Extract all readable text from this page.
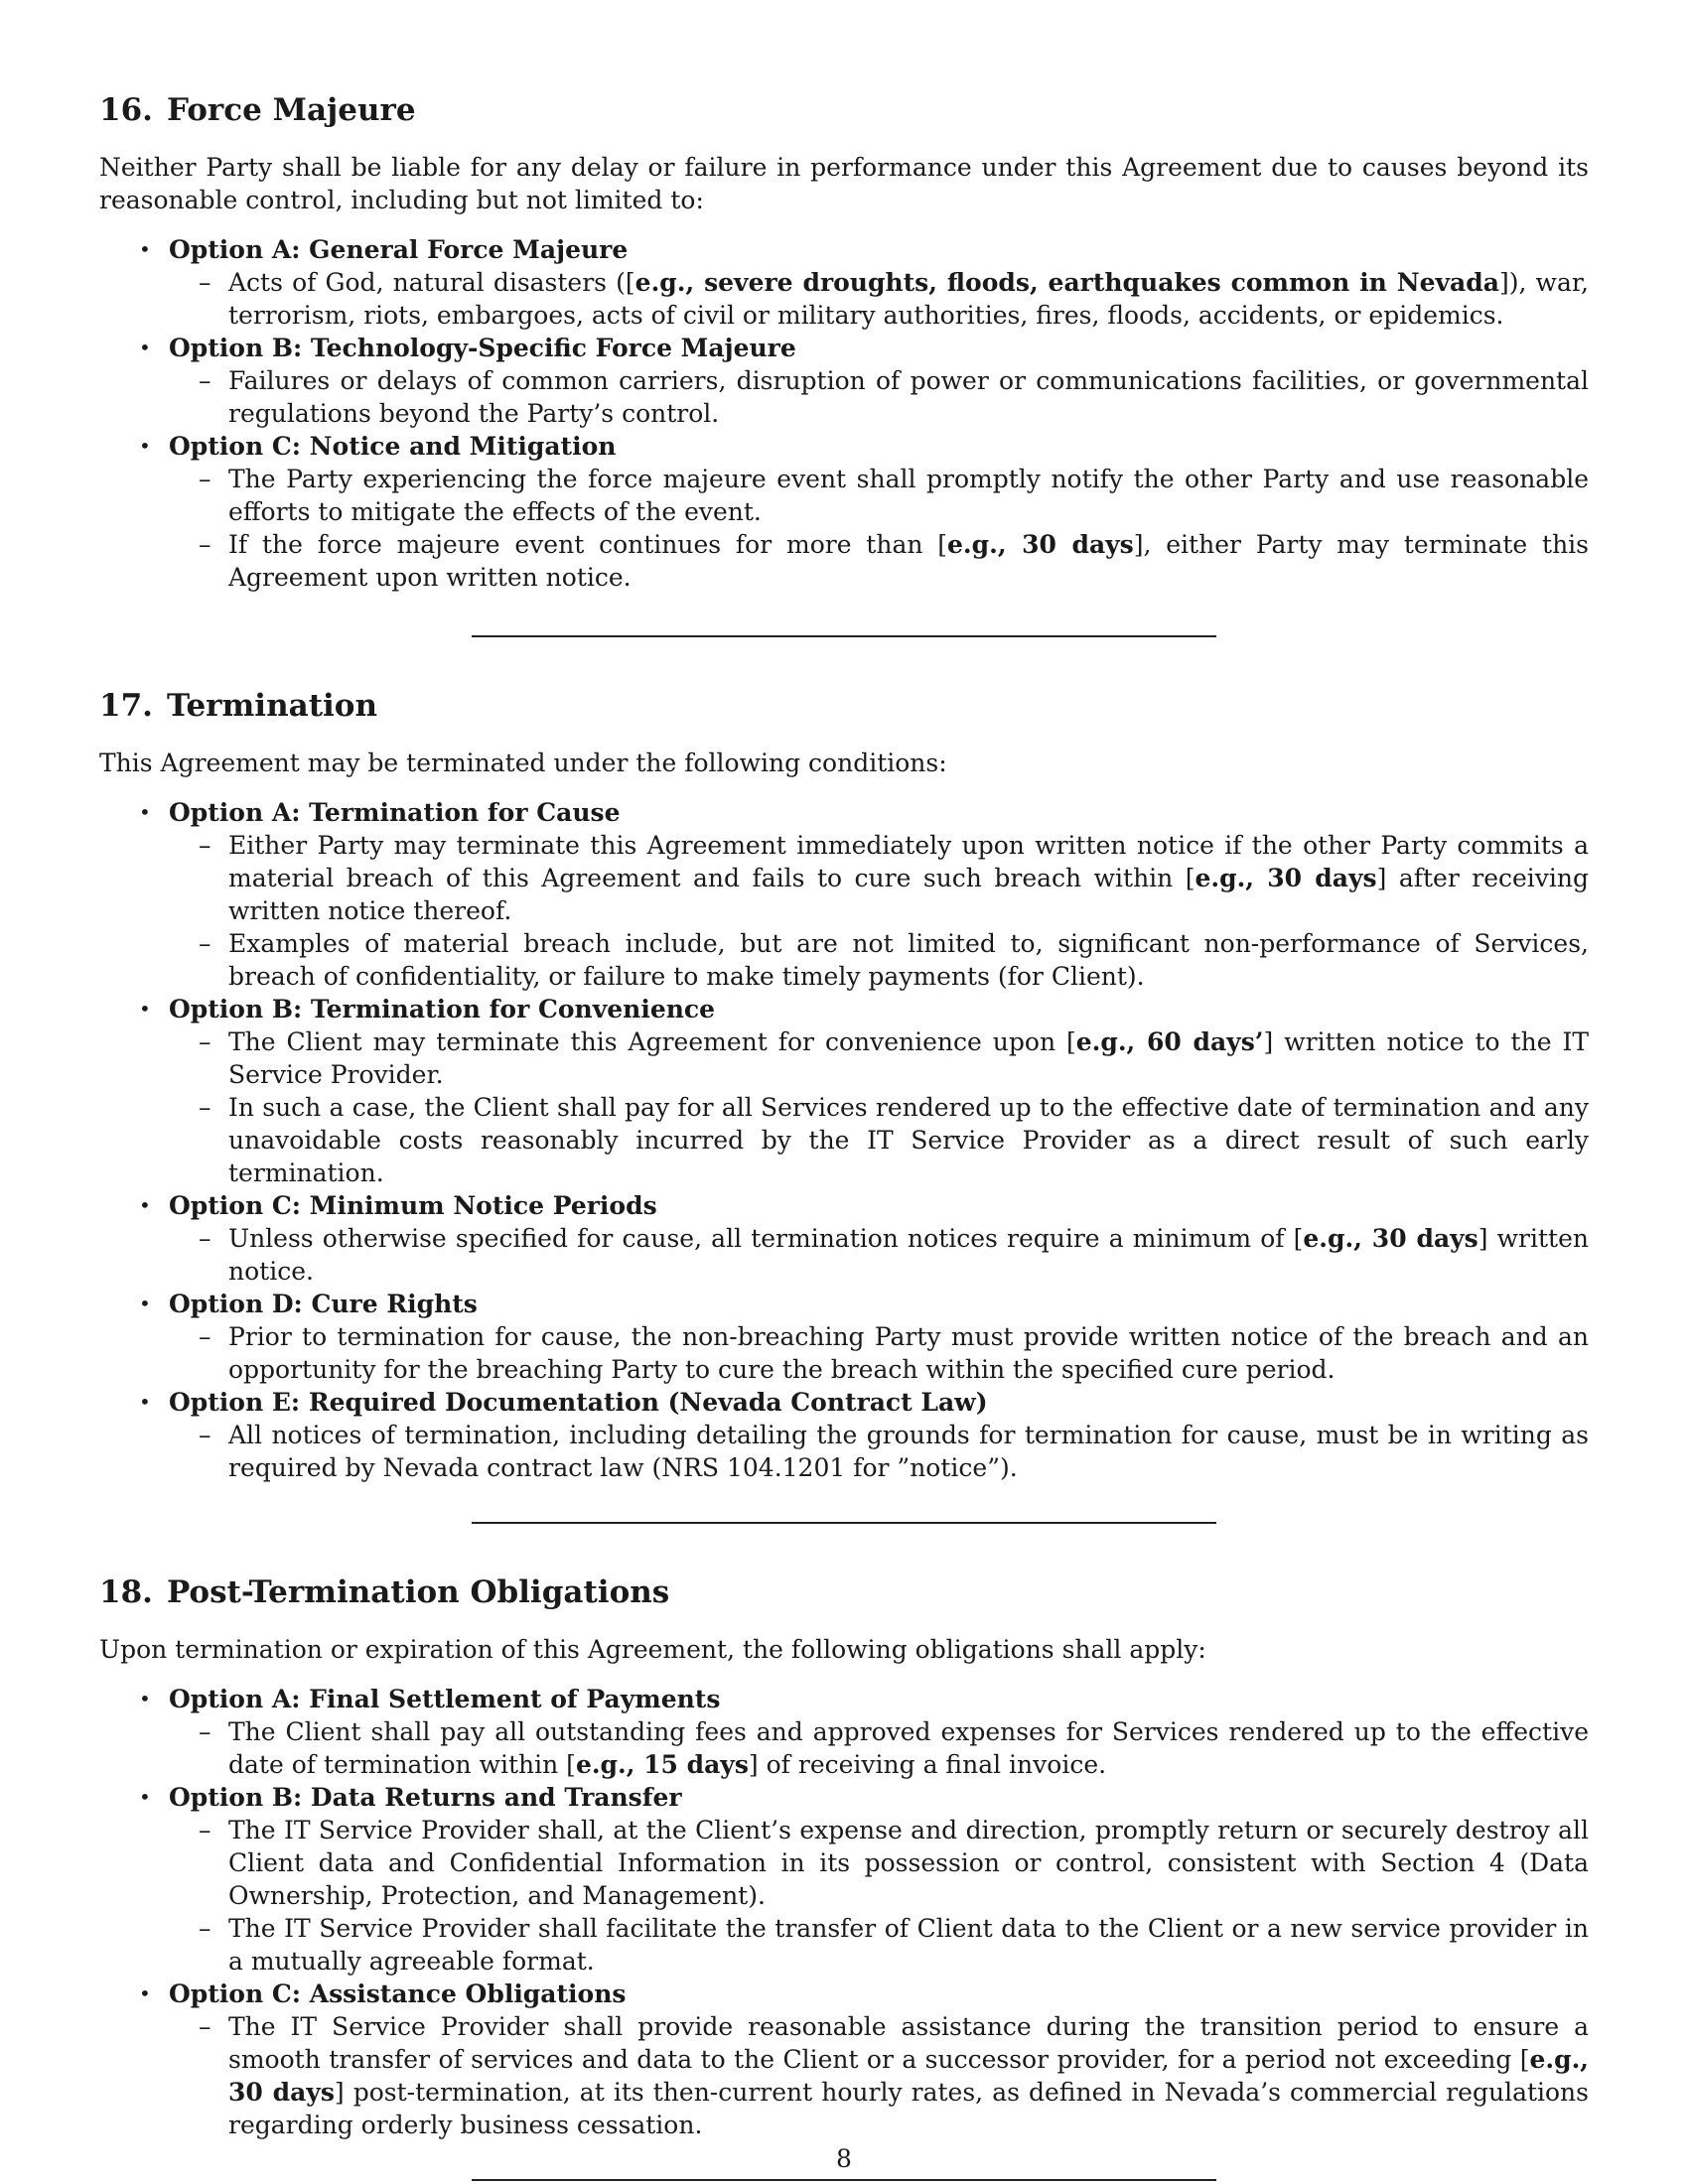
16. Force Majeure

Neither Party shall be liable for any delay or failure in performance under this Agreement due to causes beyond its reasonable control, including but not limited to:

• Option A: General Force Majeure
– Acts of God, natural disasters ([e.g., severe droughts, floods, earthquakes common in Nevada]), war, terrorism, riots, embargoes, acts of civil or military authorities, fires, floods, accidents, or epidemics.
• Option B: Technology-Specific Force Majeure
– Failures or delays of common carriers, disruption of power or communications facilities, or governmental regulations beyond the Party’s control.
• Option C: Notice and Mitigation
– The Party experiencing the force majeure event shall promptly notify the other Party and use reasonable efforts to mitigate the effects of the event.
– If the force majeure event continues for more than [e.g., 30 days], either Party may terminate this Agreement upon written notice.
17. Termination

This Agreement may be terminated under the following conditions:

• Option A: Termination for Cause
– Either Party may terminate this Agreement immediately upon written notice if the other Party commits a material breach of this Agreement and fails to cure such breach within [e.g., 30 days] after receiving written notice thereof.
– Examples of material breach include, but are not limited to, significant non-performance of Services, breach of confidentiality, or failure to make timely payments (for Client).
• Option B: Termination for Convenience
– The Client may terminate this Agreement for convenience upon [e.g., 60 days’] written notice to the IT Service Provider.
– In such a case, the Client shall pay for all Services rendered up to the effective date of termination and any unavoidable costs reasonably incurred by the IT Service Provider as a direct result of such early termination.
• Option C: Minimum Notice Periods
– Unless otherwise specified for cause, all termination notices require a minimum of [e.g., 30 days] written notice.
• Option D: Cure Rights
– Prior to termination for cause, the non-breaching Party must provide written notice of the breach and an opportunity for the breaching Party to cure the breach within the specified cure period.
• Option E: Required Documentation (Nevada Contract Law)
– All notices of termination, including detailing the grounds for termination for cause, must be in writing as required by Nevada contract law (NRS 104.1201 for ”notice”).
18. Post-Termination Obligations

Upon termination or expiration of this Agreement, the following obligations shall apply:

• Option A: Final Settlement of Payments
– The Client shall pay all outstanding fees and approved expenses for Services rendered up to the effective date of termination within [e.g., 15 days] of receiving a final invoice.
• Option B: Data Returns and Transfer
– The IT Service Provider shall, at the Client’s expense and direction, promptly return or securely destroy all Client data and Confidential Information in its possession or control, consistent with Section 4 (Data Ownership, Protection, and Management).
– The IT Service Provider shall facilitate the transfer of Client data to the Client or a new service provider in a mutually agreeable format.
• Option C: Assistance Obligations
– The IT Service Provider shall provide reasonable assistance during the transition period to ensure a smooth transfer of services and data to the Client or a successor provider, for a period not exceeding [e.g., 30 days] post-termination, at its then-current hourly rates, as defined in Nevada’s commercial regulations regarding orderly business cessation.
8
